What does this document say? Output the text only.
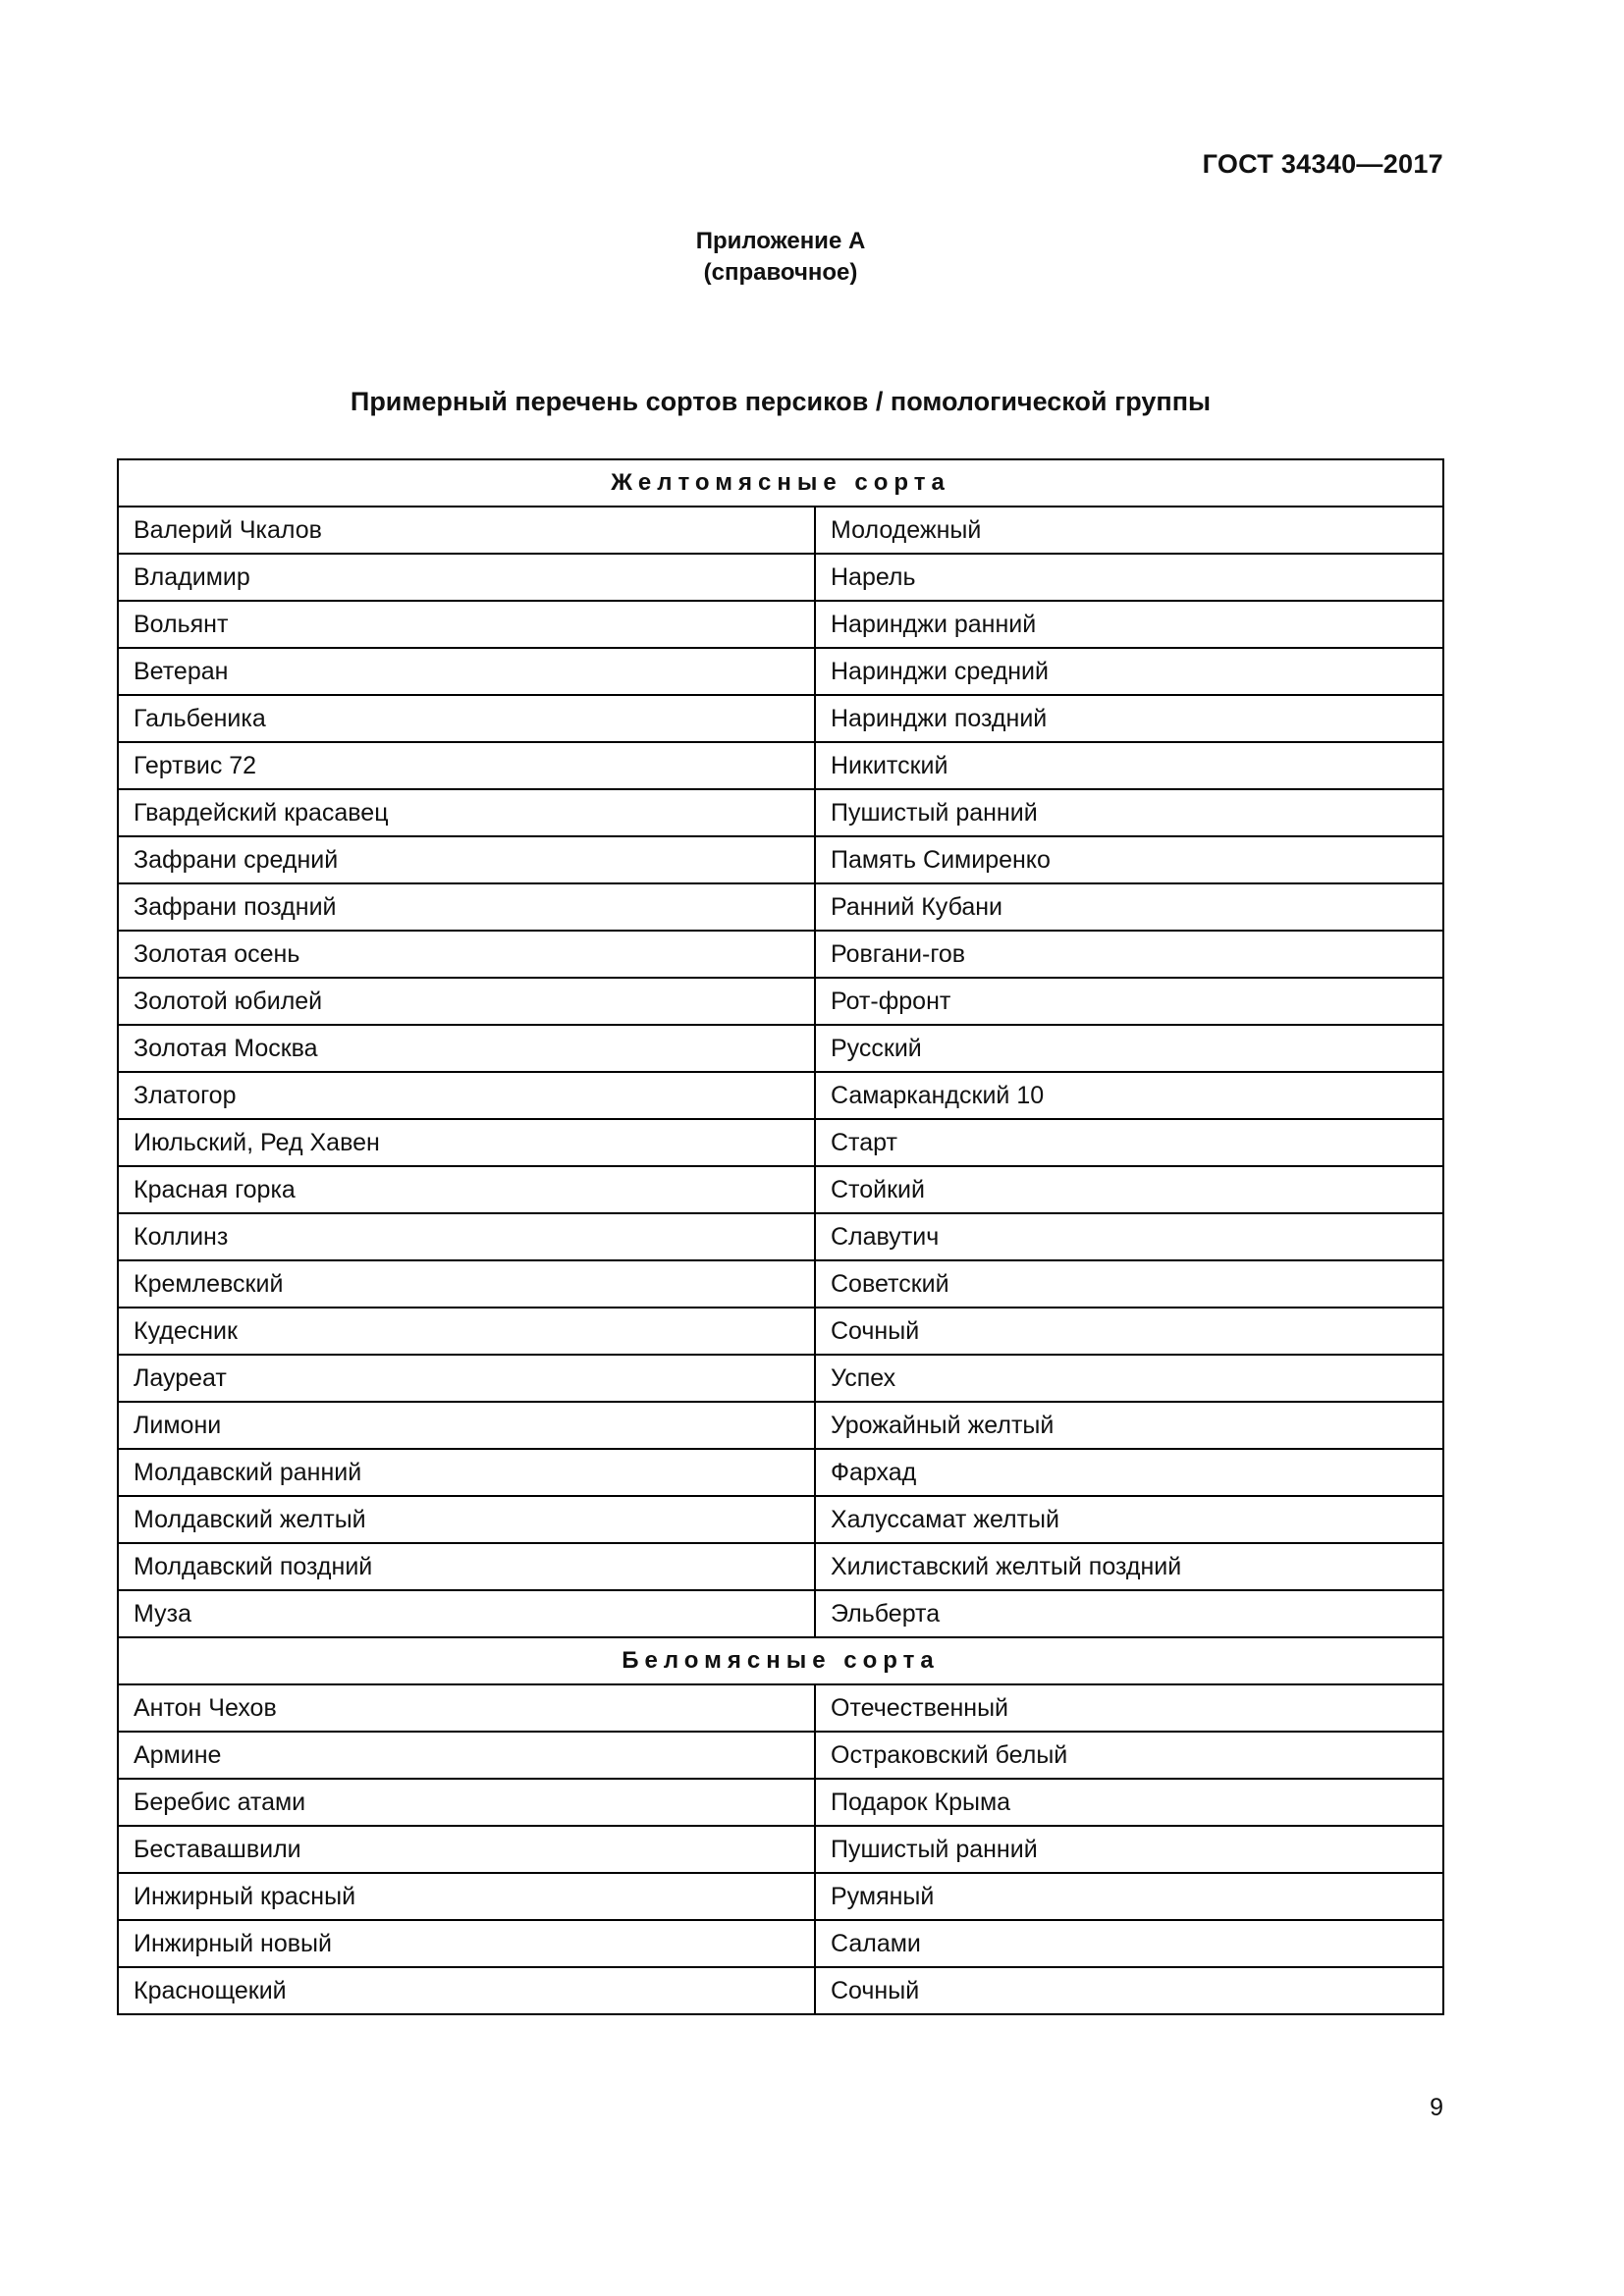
ГОСТ 34340—2017
Приложение А
(справочное)
Примерный перечень сортов персиков / помологической группы
Желтомясные сорта	
Валерий Чкалов	Молодежный
Владимир	Нарель
Вольянт	Наринджи ранний
Ветеран	Наринджи средний
Гальбеника	Наринджи поздний
Гертвис 72	Никитский
Гвардейский красавец	Пушистый ранний
Зафрани средний	Память Симиренко
Зафрани поздний	Ранний Кубани
Золотая осень	Ровгани-гов
Золотой юбилей	Рот-фронт
Золотая Москва	Русский
Златогор	Самаркандский 10
Июльский, Ред Хавен	Старт
Красная горка	Стойкий
Коллинз	Славутич
Кремлевский	Советский
Кудесник	Сочный
Лауреат	Успех
Лимони	Урожайный желтый
Молдавский ранний	Фархад
Молдавский желтый	Халуссамат желтый
Молдавский поздний	Хилиставский желтый поздний
Муза	Эльберта
Беломясные сорта	
Антон Чехов	Отечественный
Армине	Остраковский белый
Беребис атами	Подарок Крыма
Беставашвили	Пушистый ранний
Инжирный красный	Румяный
Инжирный новый	Салами
Краснощекий	Сочный
9
